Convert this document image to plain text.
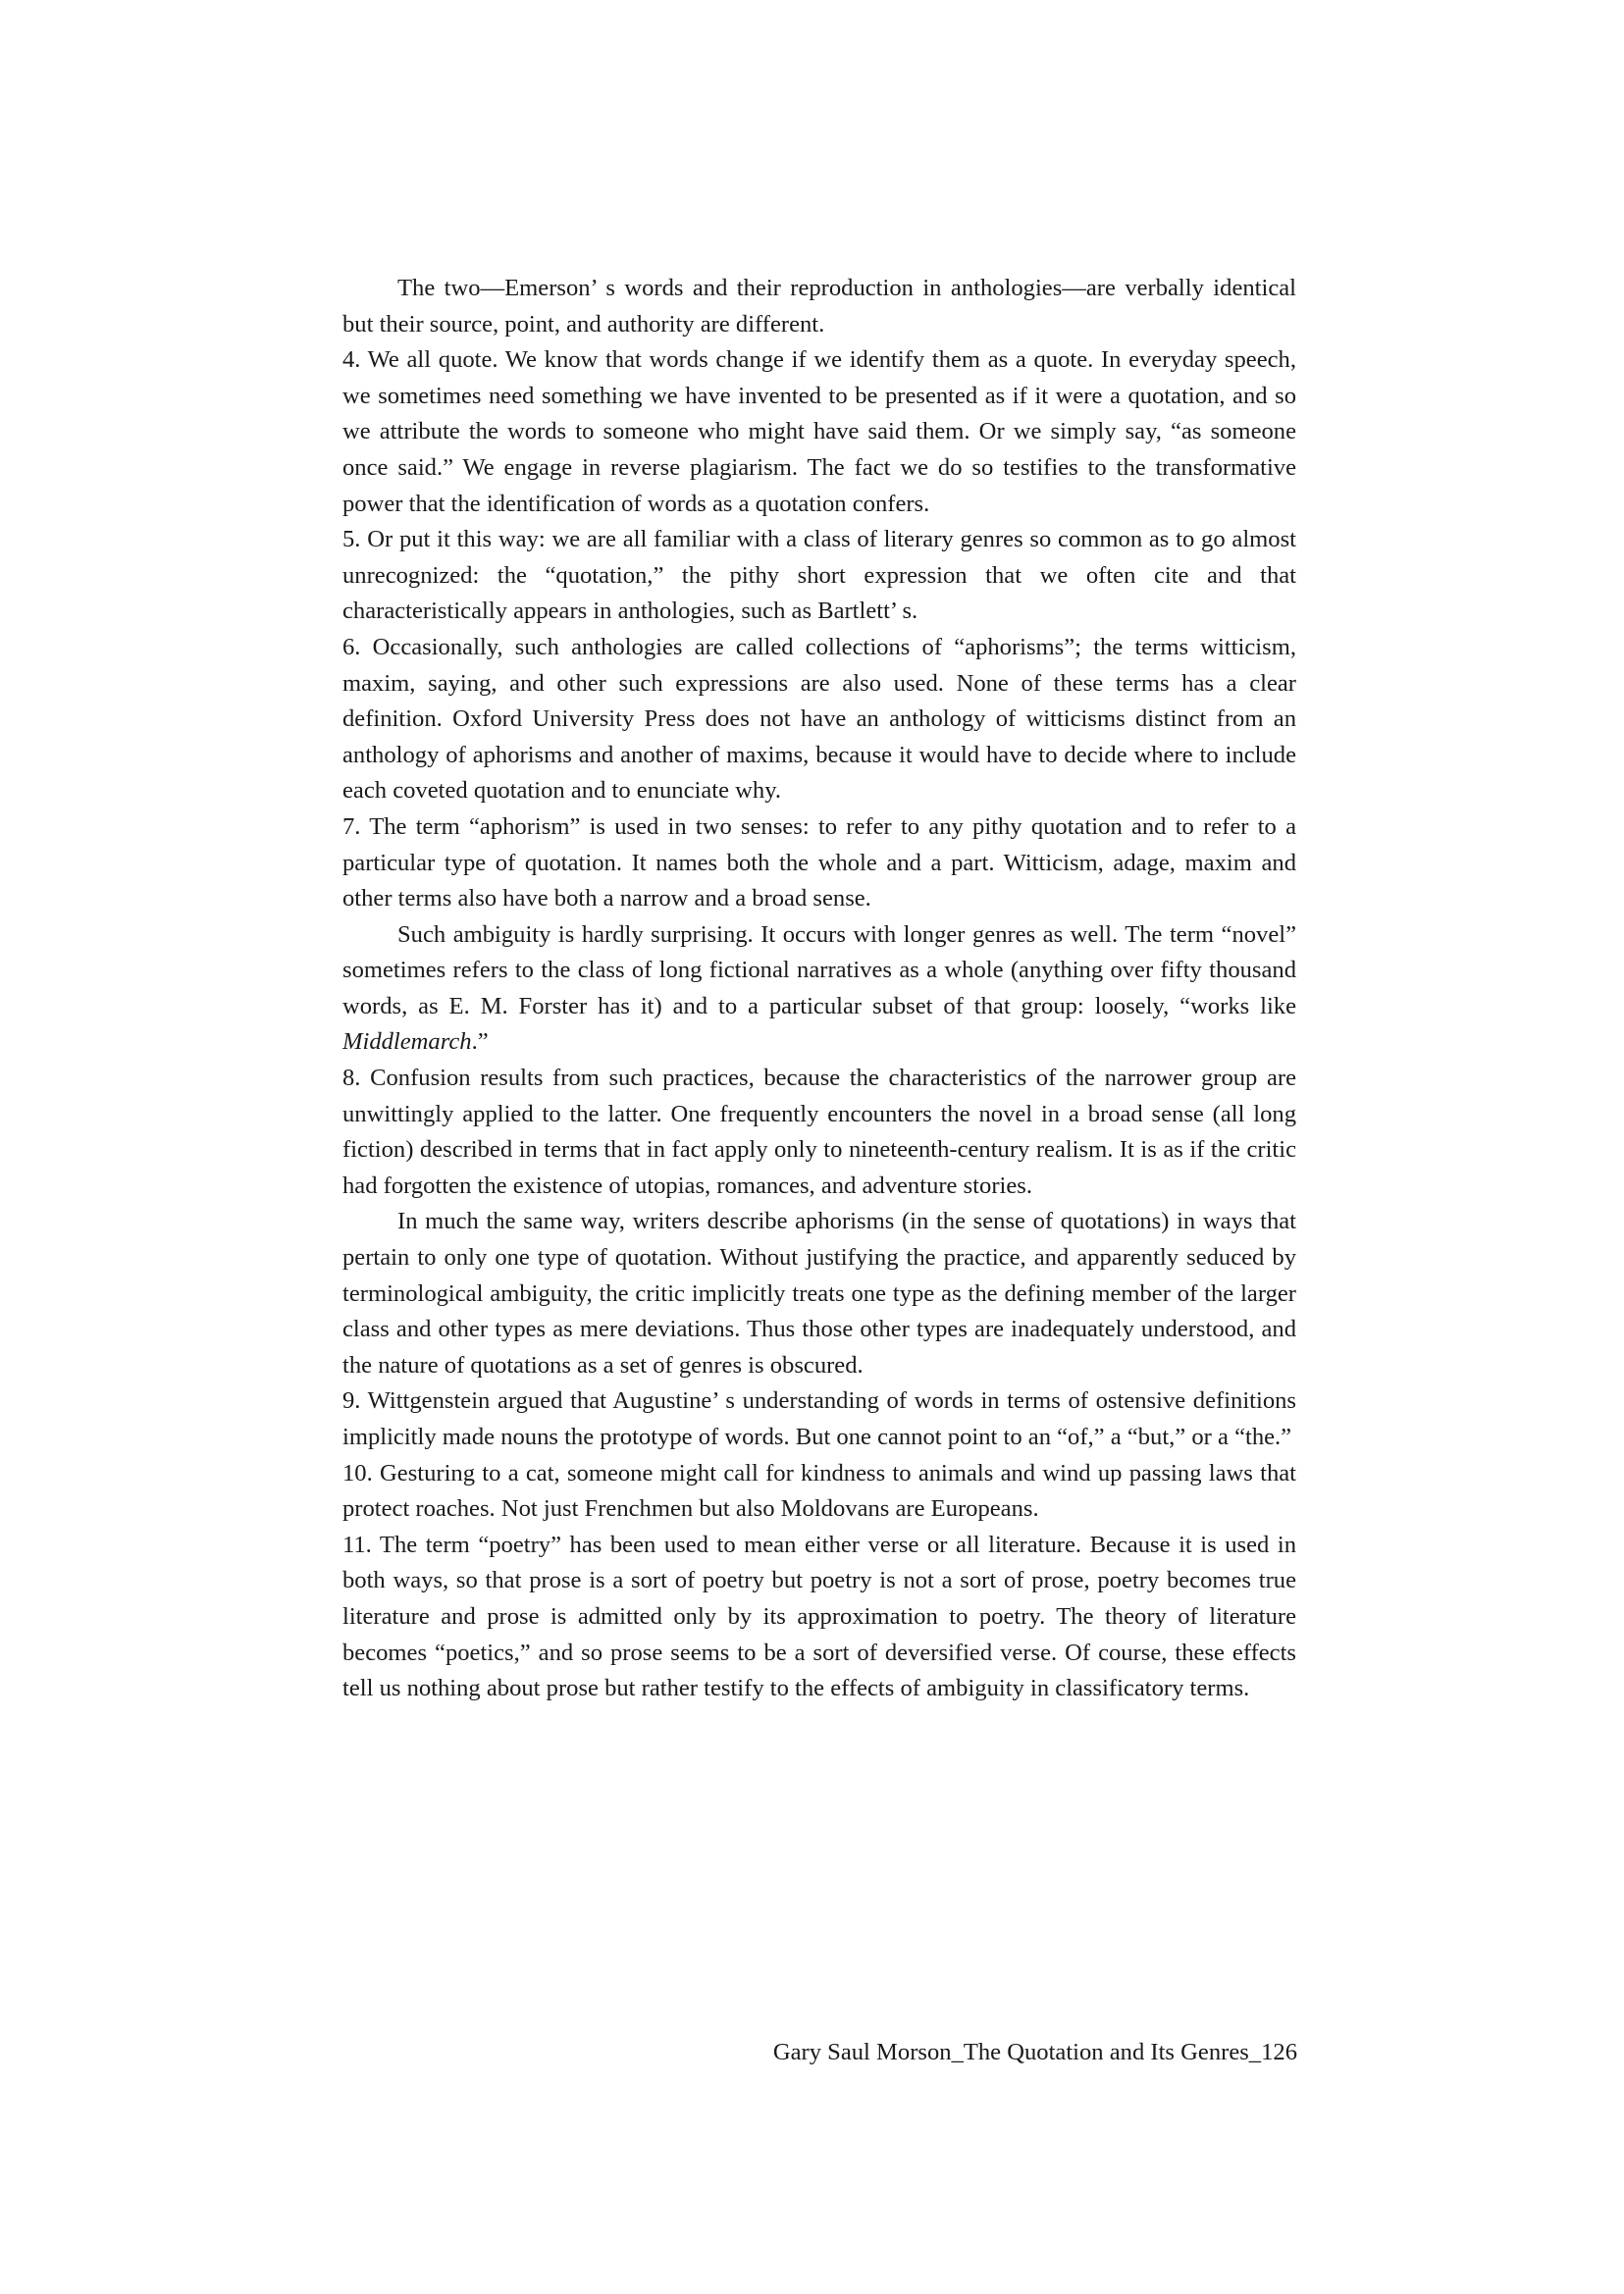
The two—Emerson’ s words and their reproduction in anthologies—are verbally identical but their source, point, and authority are different.

4. We all quote. We know that words change if we identify them as a quote. In everyday speech, we sometimes need something we have invented to be presented as if it were a quotation, and so we attribute the words to someone who might have said them. Or we simply say, “as someone once said.” We engage in reverse plagiarism. The fact we do so testifies to the transformative power that the identification of words as a quotation confers.

5. Or put it this way: we are all familiar with a class of literary genres so common as to go almost unrecognized: the “quotation,” the pithy short expression that we often cite and that characteristically appears in anthologies, such as Bartlett’ s.

6. Occasionally, such anthologies are called collections of “aphorisms”; the terms witticism, maxim, saying, and other such expressions are also used. None of these terms has a clear definition. Oxford University Press does not have an anthology of witticisms distinct from an anthology of aphorisms and another of maxims, because it would have to decide where to include each coveted quotation and to enunciate why.

7. The term “aphorism” is used in two senses: to refer to any pithy quotation and to refer to a particular type of quotation. It names both the whole and a part. Witticism, adage, maxim and other terms also have both a narrow and a broad sense.

Such ambiguity is hardly surprising. It occurs with longer genres as well. The term “novel” sometimes refers to the class of long fictional narratives as a whole (anything over fifty thousand words, as E. M. Forster has it) and to a particular subset of that group: loosely, “works like Middlemarch.”

8. Confusion results from such practices, because the characteristics of the narrower group are unwittingly applied to the latter. One frequently encounters the novel in a broad sense (all long fiction) described in terms that in fact apply only to nineteenth-century realism. It is as if the critic had forgotten the existence of utopias, romances, and adventure stories.

In much the same way, writers describe aphorisms (in the sense of quotations) in ways that pertain to only one type of quotation. Without justifying the practice, and apparently seduced by terminological ambiguity, the critic implicitly treats one type as the defining member of the larger class and other types as mere deviations. Thus those other types are inadequately understood, and the nature of quotations as a set of genres is obscured.

9. Wittgenstein argued that Augustine’ s understanding of words in terms of ostensive definitions implicitly made nouns the prototype of words. But one cannot point to an “of,” a “but,” or a “the.”

10. Gesturing to a cat, someone might call for kindness to animals and wind up passing laws that protect roaches. Not just Frenchmen but also Moldovans are Europeans.

11. The term “poetry” has been used to mean either verse or all literature. Because it is used in both ways, so that prose is a sort of poetry but poetry is not a sort of prose, poetry becomes true literature and prose is admitted only by its approximation to poetry. The theory of literature becomes “poetics,” and so prose seems to be a sort of deversified verse. Of course, these effects tell us nothing about prose but rather testify to the effects of ambiguity in classificatory terms.

Gary Saul Morson_The Quotation and Its Genres_126
